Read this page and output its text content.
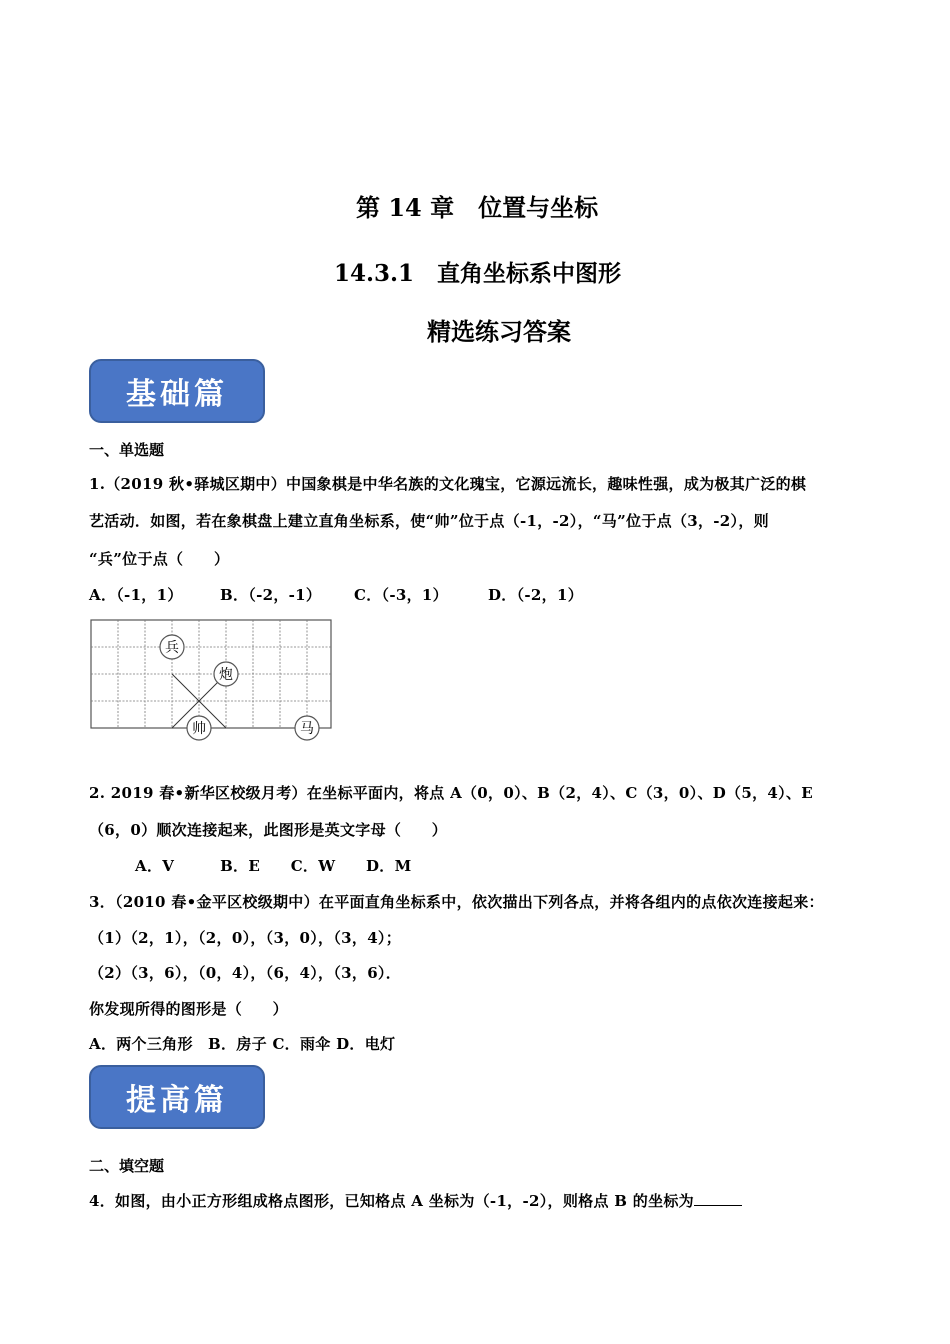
第 14 章　位置与坐标
14.3.1　直角坐标系中图形
精选练习答案
基础篇
一、单选题
1.（2019 秋•驿城区期中）中国象棋是中华名族的文化瑰宝，它源远流长，趣味性强，成为极其广泛的棋
艺活动．如图，若在象棋盘上建立直角坐标系，使“帅”位于点（-1，-2），“马”位于点（3，-2），则
“兵”位于点（　　）
A．（-1，1） B．（-2，-1） C．（-3，1）	D．（-2，1）
兵
炮
帅	马
2. 2019 春•新华区校级月考）在坐标平面内，将点 A（0，0）、B（2，4）、C（3，0）、D（5，4）、E
（6，0）顺次连接起来，此图形是英文字母（　　）
A．V　　　B．E　　C．W　　D．M
3．（2010 春•金平区校级期中）在平面直角坐标系中，依次描出下列各点，并将各组内的点依次连接起来：
（1）（2，1），（2，0），（3，0），（3，4）；
（2）（3，6），（0，4），（6，4），（3，6）．
你发现所得的图形是（　　）
A．两个三角形　B．房子 C．雨伞 D．电灯
提高篇
二、填空题
4．如图，由小正方形组成格点图形，已知格点 A 坐标为（-1，-2），则格点 B 的坐标为
